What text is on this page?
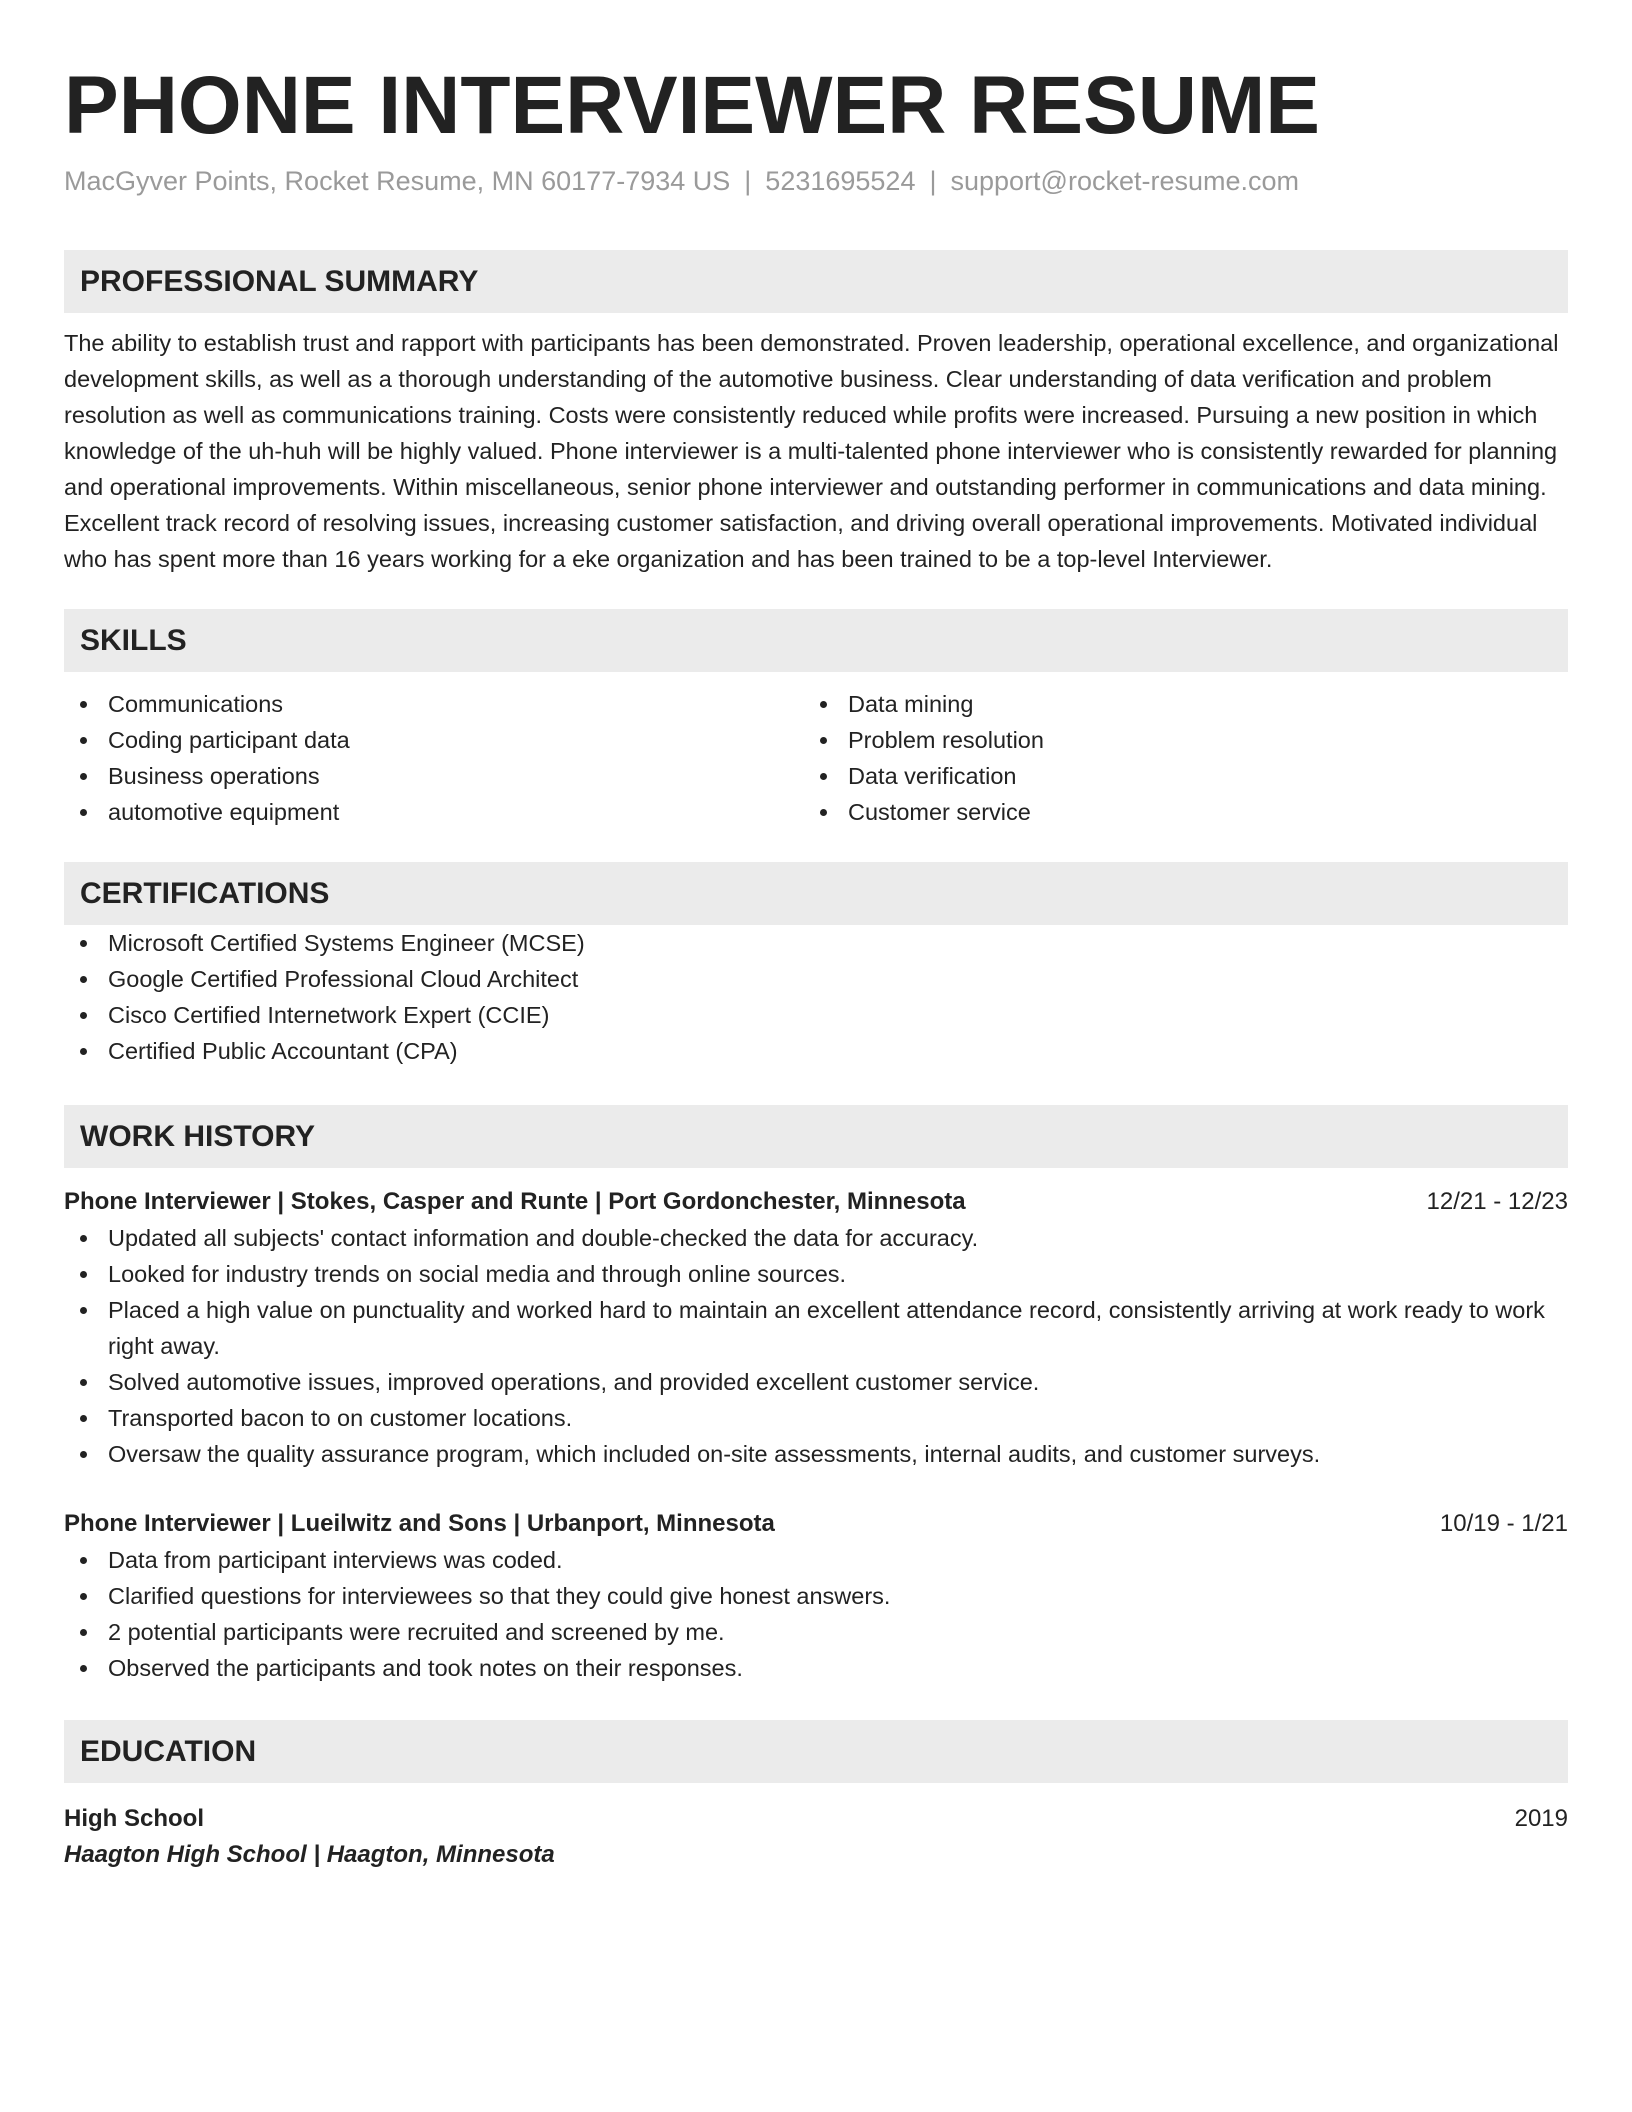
PHONE INTERVIEWER RESUME
MacGyver Points, Rocket Resume, MN 60177-7934 US | 5231695524 | support@rocket-resume.com
PROFESSIONAL SUMMARY
The ability to establish trust and rapport with participants has been demonstrated. Proven leadership, operational excellence, and organizational development skills, as well as a thorough understanding of the automotive business. Clear understanding of data verification and problem resolution as well as communications training. Costs were consistently reduced while profits were increased. Pursuing a new position in which knowledge of the uh-huh will be highly valued. Phone interviewer is a multi-talented phone interviewer who is consistently rewarded for planning and operational improvements. Within miscellaneous, senior phone interviewer and outstanding performer in communications and data mining. Excellent track record of resolving issues, increasing customer satisfaction, and driving overall operational improvements. Motivated individual who has spent more than 16 years working for a eke organization and has been trained to be a top-level Interviewer.
SKILLS
Communications
Coding participant data
Business operations
automotive equipment
Data mining
Problem resolution
Data verification
Customer service
CERTIFICATIONS
Microsoft Certified Systems Engineer (MCSE)
Google Certified Professional Cloud Architect
Cisco Certified Internetwork Expert (CCIE)
Certified Public Accountant (CPA)
WORK HISTORY
Phone Interviewer | Stokes, Casper and Runte | Port Gordonchester, Minnesota	12/21 - 12/23
Updated all subjects' contact information and double-checked the data for accuracy.
Looked for industry trends on social media and through online sources.
Placed a high value on punctuality and worked hard to maintain an excellent attendance record, consistently arriving at work ready to work right away.
Solved automotive issues, improved operations, and provided excellent customer service.
Transported bacon to on customer locations.
Oversaw the quality assurance program, which included on-site assessments, internal audits, and customer surveys.
Phone Interviewer | Lueilwitz and Sons | Urbanport, Minnesota	10/19 - 1/21
Data from participant interviews was coded.
Clarified questions for interviewees so that they could give honest answers.
2 potential participants were recruited and screened by me.
Observed the participants and took notes on their responses.
EDUCATION
High School	2019
Haagton High School | Haagton, Minnesota
